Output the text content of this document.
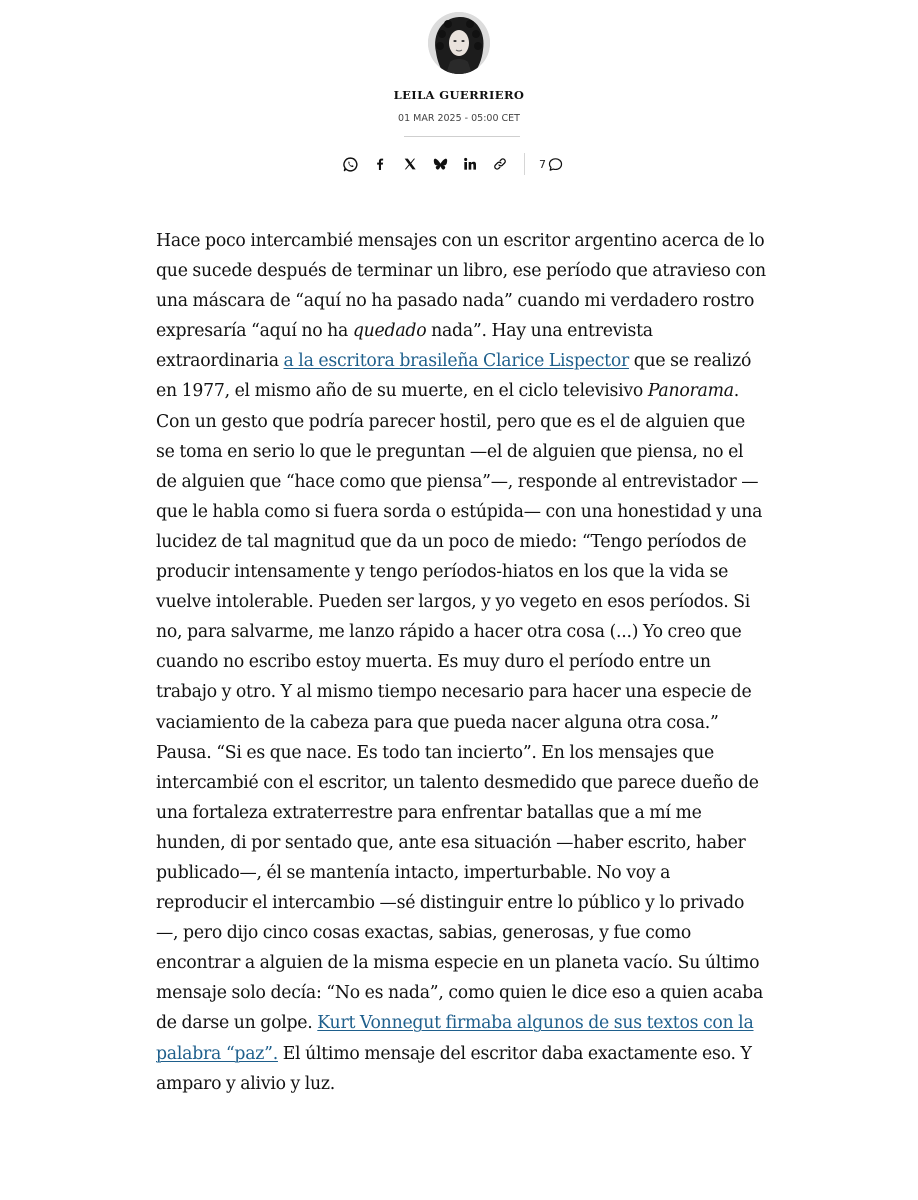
LEILA GUERRIERO
01 MAR 2025 - 05:00 CET
7

Hace poco intercambié mensajes con un escritor argentino acerca de lo que sucede después de terminar un libro, ese período que atravieso con una máscara de “aquí no ha pasado nada” cuando mi verdadero rostro expresaría “aquí no ha quedado nada”. Hay una entrevista extraordinaria a la escritora brasileña Clarice Lispector que se realizó en 1977, el mismo año de su muerte, en el ciclo televisivo Panorama. Con un gesto que podría parecer hostil, pero que es el de alguien que se toma en serio lo que le preguntan —el de alguien que piensa, no el de alguien que “hace como que piensa”—, responde al entrevistador —que le habla como si fuera sorda o estúpida— con una honestidad y una lucidez de tal magnitud que da un poco de miedo: “Tengo períodos de producir intensamente y tengo períodos-hiatos en los que la vida se vuelve intolerable. Pueden ser largos, y yo vegeto en esos períodos. Si no, para salvarme, me lanzo rápido a hacer otra cosa (...) Yo creo que cuando no escribo estoy muerta. Es muy duro el período entre un trabajo y otro. Y al mismo tiempo necesario para hacer una especie de vaciamiento de la cabeza para que pueda nacer alguna otra cosa.” Pausa. “Si es que nace. Es todo tan incierto”. En los mensajes que intercambié con el escritor, un talento desmedido que parece dueño de una fortaleza extraterrestre para enfrentar batallas que a mí me hunden, di por sentado que, ante esa situación —haber escrito, haber publicado—, él se mantenía intacto, imperturbable. No voy a reproducir el intercambio —sé distinguir entre lo público y lo privado—, pero dijo cinco cosas exactas, sabias, generosas, y fue como encontrar a alguien de la misma especie en un planeta vacío. Su último mensaje solo decía: “No es nada”, como quien le dice eso a quien acaba de darse un golpe. Kurt Vonnegut firmaba algunos de sus textos con la palabra “paz”. El último mensaje del escritor daba exactamente eso. Y amparo y alivio y luz.
